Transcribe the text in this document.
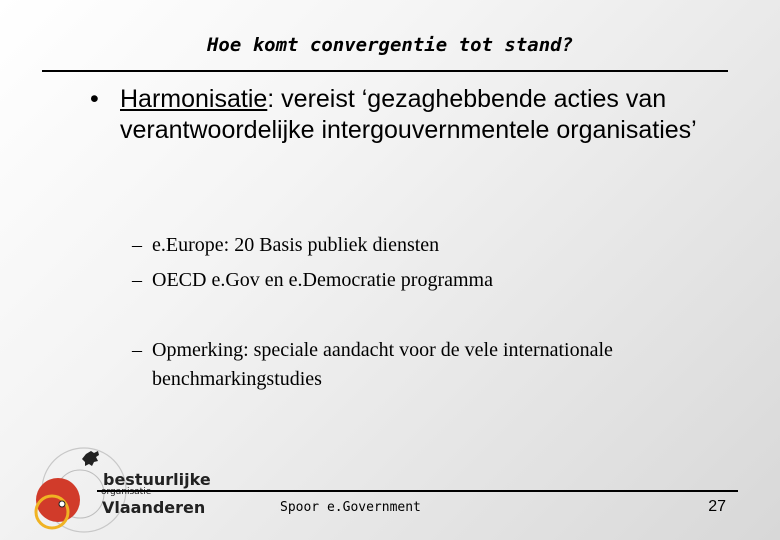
Hoe komt convergentie tot stand?
• Harmonisatie: vereist ‘gezaghebbende acties van verantwoordelijke intergouvernmentele organisaties’
– e.Europe: 20 Basis publiek diensten
– OECD e.Gov en e.Democratie programma
– Opmerking: speciale aandacht voor de vele internationale benchmarkingstudies
bestuurlijke
organisatie
Vlaanderen	Spoor e.Government	27
